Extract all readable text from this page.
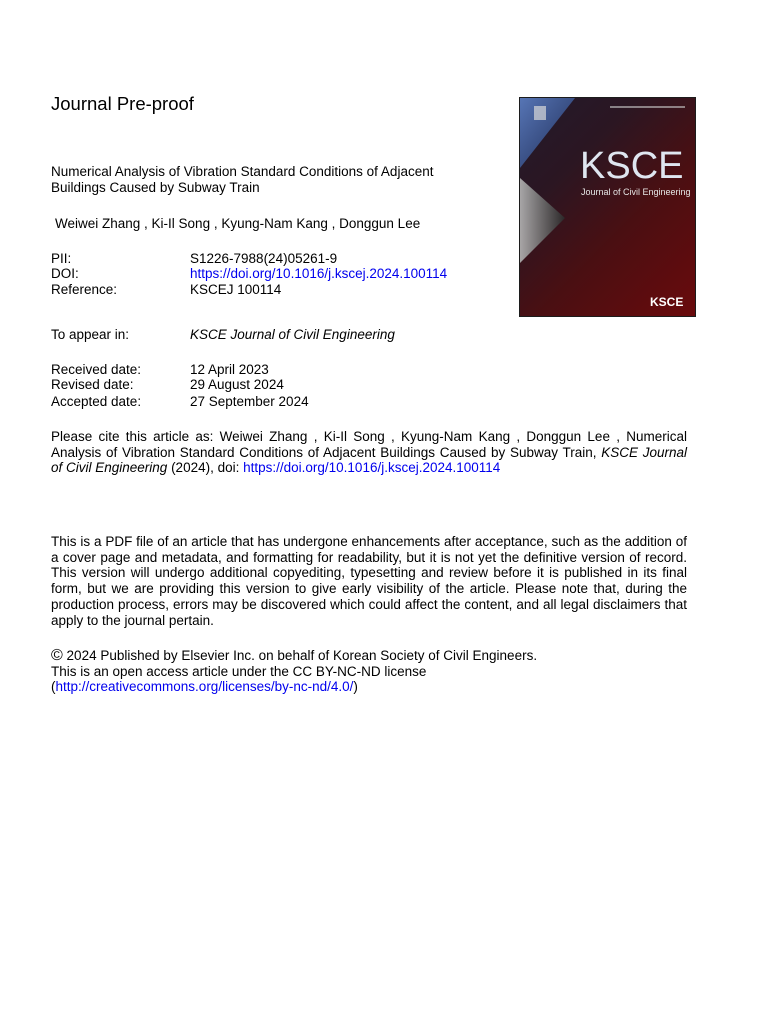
Journal Pre-proof
KSCE
Journal of Civil Engineering
KSCE
Numerical Analysis of Vibration Standard Conditions of Adjacent Buildings Caused by Subway Train
Weiwei Zhang , Ki-Il Song , Kyung-Nam Kang , Donggun Lee
PII:	S1226-7988(24)05261-9
DOI:	https://doi.org/10.1016/j.kscej.2024.100114
Reference:	KSCEJ 100114
To appear in:	KSCE Journal of Civil Engineering
Received date:	12 April 2023
Revised date:	29 August 2024
Accepted date:	27 September 2024
Please cite this article as: Weiwei Zhang , Ki-Il Song , Kyung-Nam Kang , Donggun Lee , Numerical Analysis of Vibration Standard Conditions of Adjacent Buildings Caused by Subway Train, KSCE Journal of Civil Engineering (2024), doi: https://doi.org/10.1016/j.kscej.2024.100114
This is a PDF file of an article that has undergone enhancements after acceptance, such as the addition of a cover page and metadata, and formatting for readability, but it is not yet the definitive version of record. This version will undergo additional copyediting, typesetting and review before it is published in its final form, but we are providing this version to give early visibility of the article. Please note that, during the production process, errors may be discovered which could affect the content, and all legal disclaimers that apply to the journal pertain.
© 2024 Published by Elsevier Inc. on behalf of Korean Society of Civil Engineers.
This is an open access article under the CC BY-NC-ND license
(http://creativecommons.org/licenses/by-nc-nd/4.0/)
